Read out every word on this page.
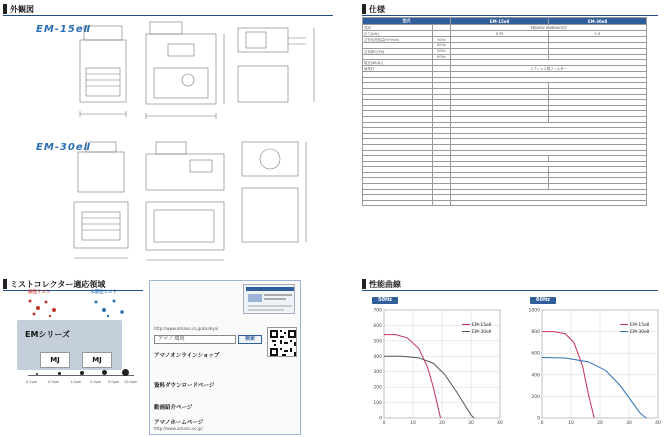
外観図	仕様
ミストコレクター適応領域	性能曲線
EM-15eⅡ
EM-30eⅡ
型式		EM-15eⅡ	EM-30eⅡ
電源		3相200V 50/60Hz共用	
出力[kW]		0.75	1.5
定格処理風量[m³/min]	50Hz		
	60Hz		
定格静圧[Pa]	50Hz		
	60Hz		
騒音[dB(A)]			
捕集材		ステンレス製フィルター	

油性ミスト	水溶性ミスト
EMシリーズ
MJ	MJ
0.1μm	0.5μm	1.0μm	2.0μm 5.0μm 10.0μm
http://www.amano.co.jp/kankyo/
アマノ 環境	検索
アマノオンラインショップ
資料ダウンロードページ
動画紹介ページ
アマノホームページ
http://www.amano.co.jp/
50Hz	60Hz
0
100
200
300
400
500
600
700
0	10	20	30	40
EM-15eⅡ
EM-30eⅡ
0
200
400
600
800
1000
0	10	20	30	40
EM-15eⅡ
EM-30eⅡ
